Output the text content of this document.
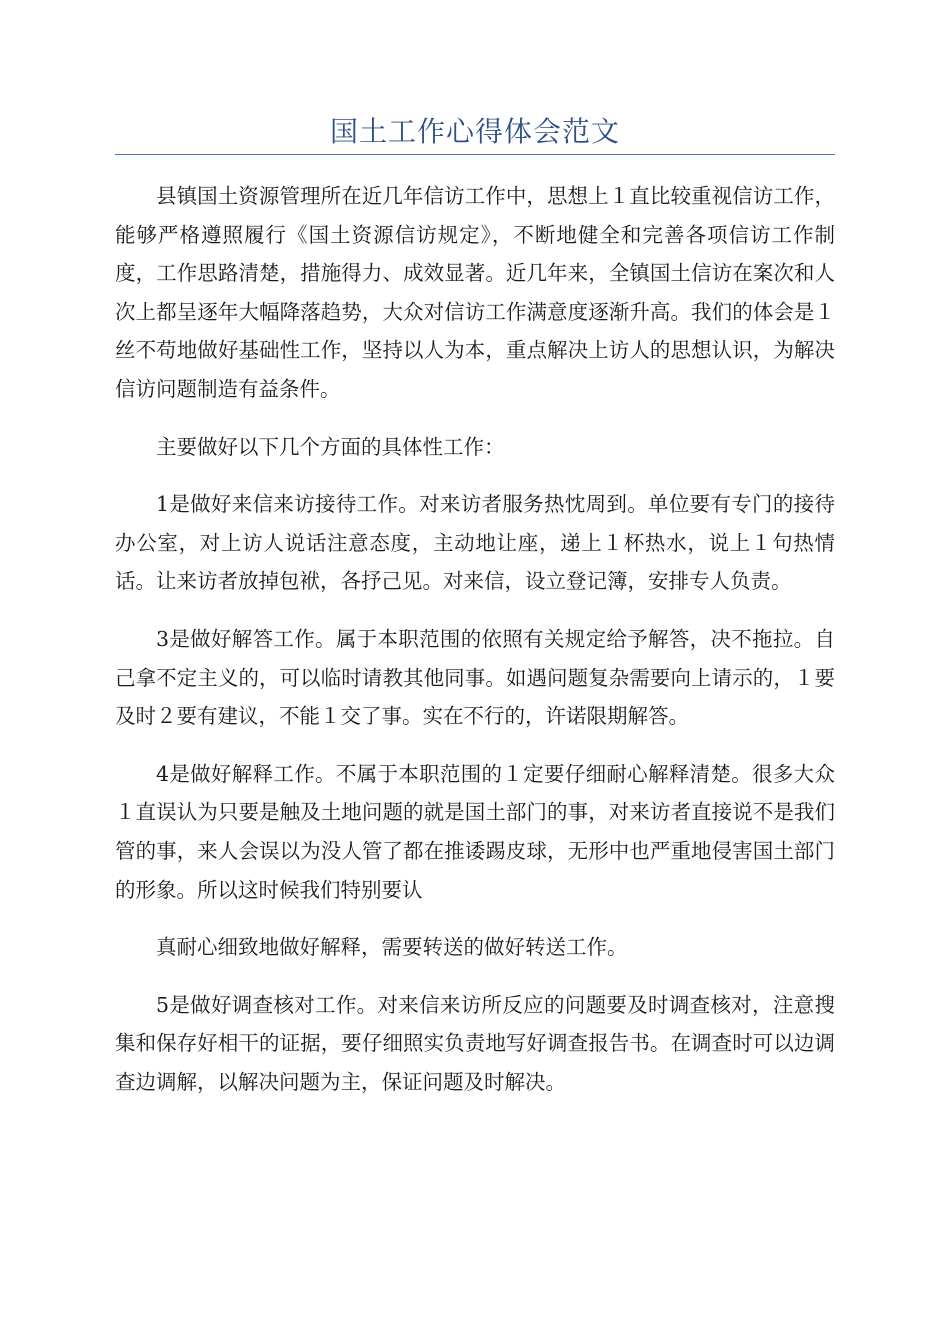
国土工作心得体会范文

县镇国土资源管理所在近几年信访工作中，思想上１直比较重视信访工作，能够严格遵照履行《国土资源信访规定》，不断地健全和完善各项信访工作制度，工作思路清楚，措施得力、成效显著。近几年来，全镇国土信访在案次和人次上都呈逐年大幅降落趋势，大众对信访工作满意度逐渐升高。我们的体会是１丝不苟地做好基础性工作，坚持以人为本，重点解决上访人的思想认识，为解决信访问题制造有益条件。

主要做好以下几个方面的具体性工作：

1是做好来信来访接待工作。对来访者服务热忱周到。单位要有专门的接待办公室，对上访人说话注意态度，主动地让座，递上１杯热水，说上１句热情话。让来访者放掉包袱，各抒己见。对来信，设立登记簿，安排专人负责。

3是做好解答工作。属于本职范围的依照有关规定给予解答，决不拖拉。自己拿不定主义的，可以临时请教其他同事。如遇问题复杂需要向上请示的，１要及时２要有建议，不能１交了事。实在不行的，许诺限期解答。

4是做好解释工作。不属于本职范围的１定要仔细耐心解释清楚。很多大众１直误认为只要是触及土地问题的就是国土部门的事，对来访者直接说不是我们管的事，来人会误以为没人管了都在推诿踢皮球，无形中也严重地侵害国土部门的形象。所以这时候我们特别要认

真耐心细致地做好解释，需要转送的做好转送工作。

5是做好调查核对工作。对来信来访所反应的问题要及时调查核对，注意搜集和保存好相干的证据，要仔细照实负责地写好调查报告书。在调查时可以边调查边调解，以解决问题为主，保证问题及时解决。
